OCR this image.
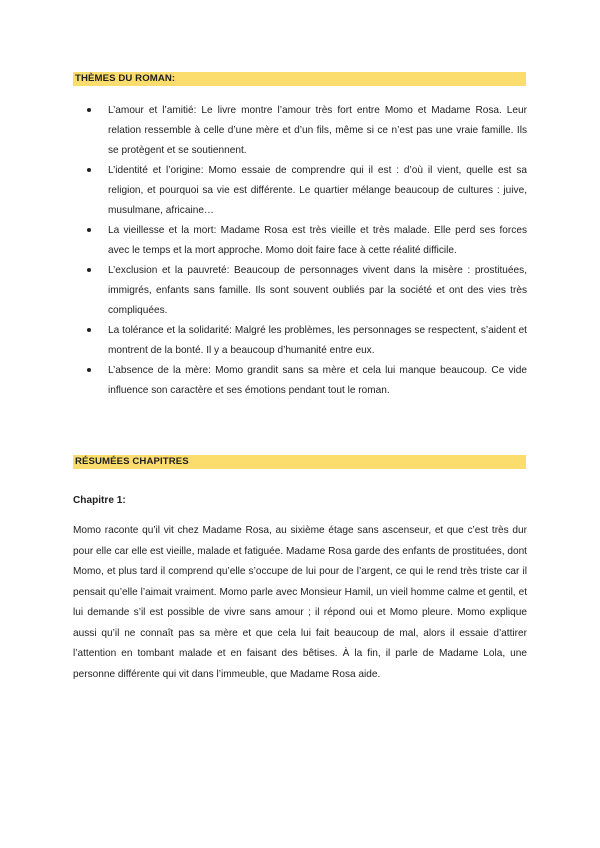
THÈMES DU ROMAN:
L’amour et l’amitié: Le livre montre l’amour très fort entre Momo et Madame Rosa. Leur relation ressemble à celle d’une mère et d’un fils, même si ce n’est pas une vraie famille. Ils se protègent et se soutiennent.
L’identité et l’origine: Momo essaie de comprendre qui il est : d’où il vient, quelle est sa religion, et pourquoi sa vie est différente. Le quartier mélange beaucoup de cultures : juive, musulmane, africaine…
La vieillesse et la mort: Madame Rosa est très vieille et très malade. Elle perd ses forces avec le temps et la mort approche. Momo doit faire face à cette réalité difficile.
L’exclusion et la pauvreté: Beaucoup de personnages vivent dans la misère : prostituées, immigrés, enfants sans famille. Ils sont souvent oubliés par la société et ont des vies très compliquées.
La tolérance et la solidarité: Malgré les problèmes, les personnages se respectent, s’aident et montrent de la bonté. Il y a beaucoup d’humanité entre eux.
L’absence de la mère: Momo grandit sans sa mère et cela lui manque beaucoup. Ce vide influence son caractère et ses émotions pendant tout le roman.
RÉSUMÉES CHAPITRES
Chapitre 1:

Momo raconte qu’il vit chez Madame Rosa, au sixième étage sans ascenseur, et que c’est très dur pour elle car elle est vieille, malade et fatiguée. Madame Rosa garde des enfants de prostituées, dont Momo, et plus tard il comprend qu’elle s’occupe de lui pour de l’argent, ce qui le rend très triste car il pensait qu’elle l’aimait vraiment. Momo parle avec Monsieur Hamil, un vieil homme calme et gentil, et lui demande s’il est possible de vivre sans amour ; il répond oui et Momo pleure. Momo explique aussi qu’il ne connaît pas sa mère et que cela lui fait beaucoup de mal, alors il essaie d’attirer l’attention en tombant malade et en faisant des bêtises. À la fin, il parle de Madame Lola, une personne différente qui vit dans l’immeuble, que Madame Rosa aide.
